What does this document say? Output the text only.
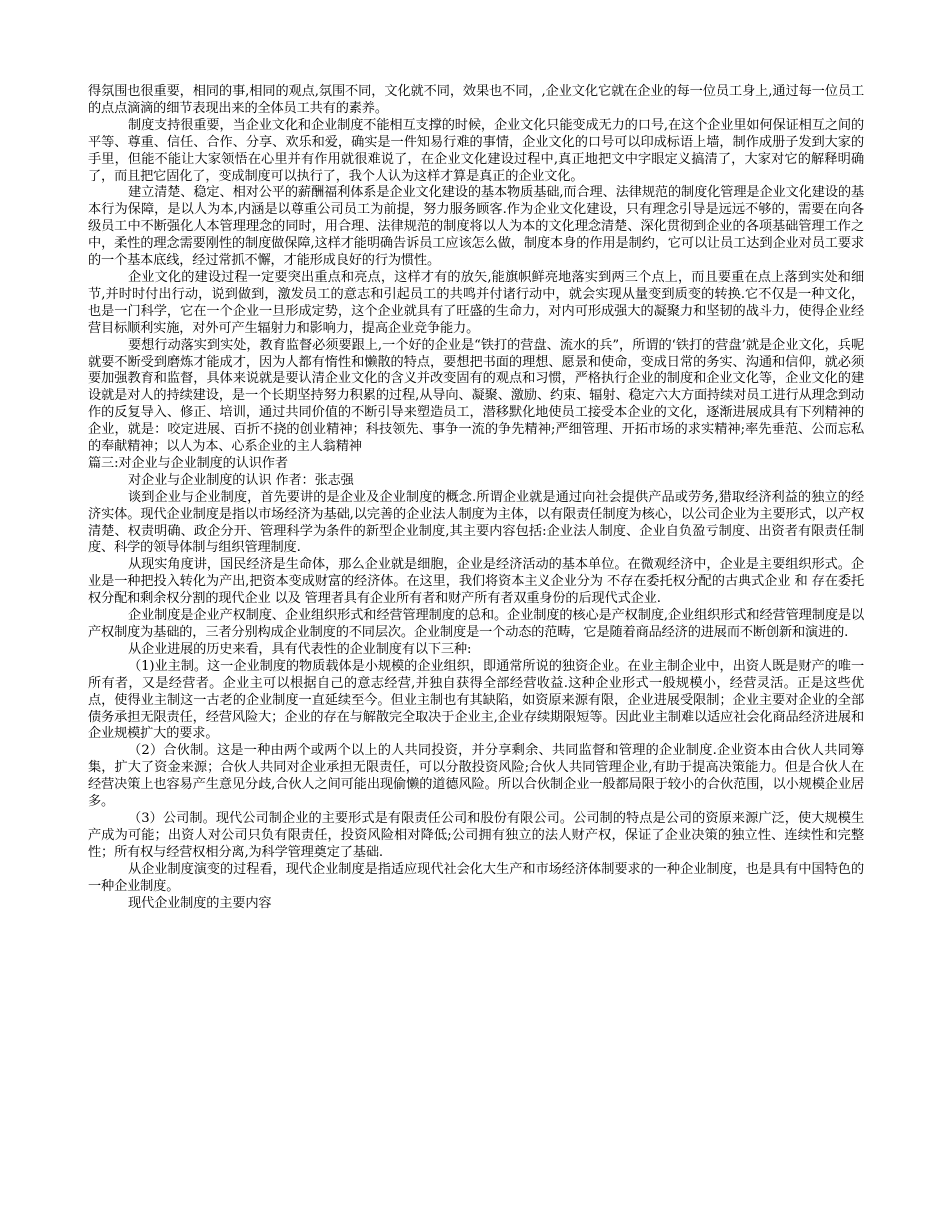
得氛围也很重要，相同的事,相同的观点,氛围不同，文化就不同，效果也不同，,企业文化它就在企业的每一位员工身上,通过每一位员工的点点滴滴的细节表现出来的全体员工共有的素养。

制度支持很重要，当企业文化和企业制度不能相互支撑的时候，企业文化只能变成无力的口号,在这个企业里如何保证相互之间的平等、尊重、信任、合作、分享、欢乐和爱，确实是一件知易行难的事情，企业文化的口号可以印成标语上墙，制作成册子发到大家的手里，但能不能让大家领悟在心里并有作用就很难说了，在企业文化建设过程中,真正地把文中字眼定义搞清了，大家对它的解释明确了，而且把它固化了，变成制度可以执行了，我个人认为这样才算是真正的企业文化。

建立清楚、稳定、相对公平的薪酬福利体系是企业文化建设的基本物质基础,而合理、法律规范的制度化管理是企业文化建设的基本行为保障，是以人为本,内涵是以尊重公司员工为前提，努力服务顾客.作为企业文化建设，只有理念引导是远远不够的，需要在向各级员工中不断强化人本管理理念的同时，用合理、法律规范的制度将以人为本的文化理念清楚、深化贯彻到企业的各项基础管理工作之中，柔性的理念需要刚性的制度做保障,这样才能明确告诉员工应该怎么做，制度本身的作用是制约，它可以让员工达到企业对员工要求的一个基本底线，经过常抓不懈，才能形成良好的行为惯性。

企业文化的建设过程一定要突出重点和亮点，这样才有的放矢,能旗帜鲜亮地落实到两三个点上，而且要重在点上落到实处和细节,并时时付出行动，说到做到，激发员工的意志和引起员工的共鸣并付诸行动中，就会实现从量变到质变的转换.它不仅是一种文化，也是一门科学，它在一个企业一旦形成定势，这个企业就具有了旺盛的生命力，对内可形成强大的凝聚力和坚韧的战斗力，使得企业经营目标顺利实施，对外可产生辐射力和影响力，提高企业竞争能力。

要想行动落实到实处，教育监督必须要跟上,一个好的企业是“铁打的营盘、流水的兵”，所谓的‘铁打的营盘’就是企业文化，兵呢就要不断受到磨炼才能成才，因为人都有惰性和懒散的特点，要想把书面的理想、愿景和使命，变成日常的务实、沟通和信仰，就必须要加强教育和监督，具体来说就是要认清企业文化的含义并改变固有的观点和习惯，严格执行企业的制度和企业文化等，企业文化的建设就是对人的持续建设，是一个长期坚持努力积累的过程,从导向、凝聚、激励、约束、辐射、稳定六大方面持续对员工进行从理念到动作的反复导入、修正、培训，通过共同价值的不断引导来塑造员工，潜移默化地使员工接受本企业的文化，逐渐进展成具有下列精神的企业，就是：咬定进展、百折不挠的创业精神；科技领先、事争一流的争先精神;严细管理、开拓市场的求实精神;率先垂范、公而忘私的奉献精神；以人为本、心系企业的主人翁精神

篇三:对企业与企业制度的认识作者

对企业与企业制度的认识 作者：张志强

谈到企业与企业制度，首先要讲的是企业及企业制度的概念.所谓企业就是通过向社会提供产品或劳务,猎取经济利益的独立的经济实体。现代企业制度是指以市场经济为基础,以完善的企业法人制度为主体，以有限责任制度为核心，以公司企业为主要形式，以产权清楚、权责明确、政企分开、管理科学为条件的新型企业制度,其主要内容包括:企业法人制度、企业自负盈亏制度、出资者有限责任制度、科学的领导体制与组织管理制度.

从现实角度讲，国民经济是生命体，那么企业就是细胞，企业是经济活动的基本单位。在微观经济中，企业是主要组织形式。企业是一种把投入转化为产出,把资本变成财富的经济体。在这里，我们将资本主义企业分为 不存在委托权分配的古典式企业 和 存在委托权分配和剩余权分割的现代企业 以及 管理者具有企业所有者和财产所有者双重身份的后现代式企业.

企业制度是企业产权制度、企业组织形式和经营管理制度的总和。企业制度的核心是产权制度,企业组织形式和经营管理制度是以产权制度为基础的，三者分别构成企业制度的不同层次。企业制度是一个动态的范畴，它是随着商品经济的进展而不断创新和演进的.

从企业进展的历史来看，具有代表性的企业制度有以下三种:

（1)业主制。这一企业制度的物质载体是小规模的企业组织，即通常所说的独资企业。在业主制企业中，出资人既是财产的唯一所有者，又是经营者。企业主可以根据自己的意志经营,并独自获得全部经营收益.这种企业形式一般规模小，经营灵活。正是这些优点，使得业主制这一古老的企业制度一直延续至今。但业主制也有其缺陷，如资原来源有限，企业进展受限制；企业主要对企业的全部债务承担无限责任，经营风险大；企业的存在与解散完全取决于企业主,企业存续期限短等。因此业主制难以适应社会化商品经济进展和企业规模扩大的要求。

（2）合伙制。这是一种由两个或两个以上的人共同投资，并分享剩余、共同监督和管理的企业制度.企业资本由合伙人共同筹集，扩大了资金来源；合伙人共同对企业承担无限责任，可以分散投资风险;合伙人共同管理企业,有助于提高决策能力。但是合伙人在经营决策上也容易产生意见分歧,合伙人之间可能出现偷懒的道德风险。所以合伙制企业一般都局限于较小的合伙范围，以小规模企业居多。

（3）公司制。现代公司制企业的主要形式是有限责任公司和股份有限公司。公司制的特点是公司的资原来源广泛，使大规模生产成为可能；出资人对公司只负有限责任，投资风险相对降低;公司拥有独立的法人财产权，保证了企业决策的独立性、连续性和完整性；所有权与经营权相分离,为科学管理奠定了基础.

从企业制度演变的过程看，现代企业制度是指适应现代社会化大生产和市场经济体制要求的一种企业制度，也是具有中国特色的一种企业制度。

现代企业制度的主要内容
